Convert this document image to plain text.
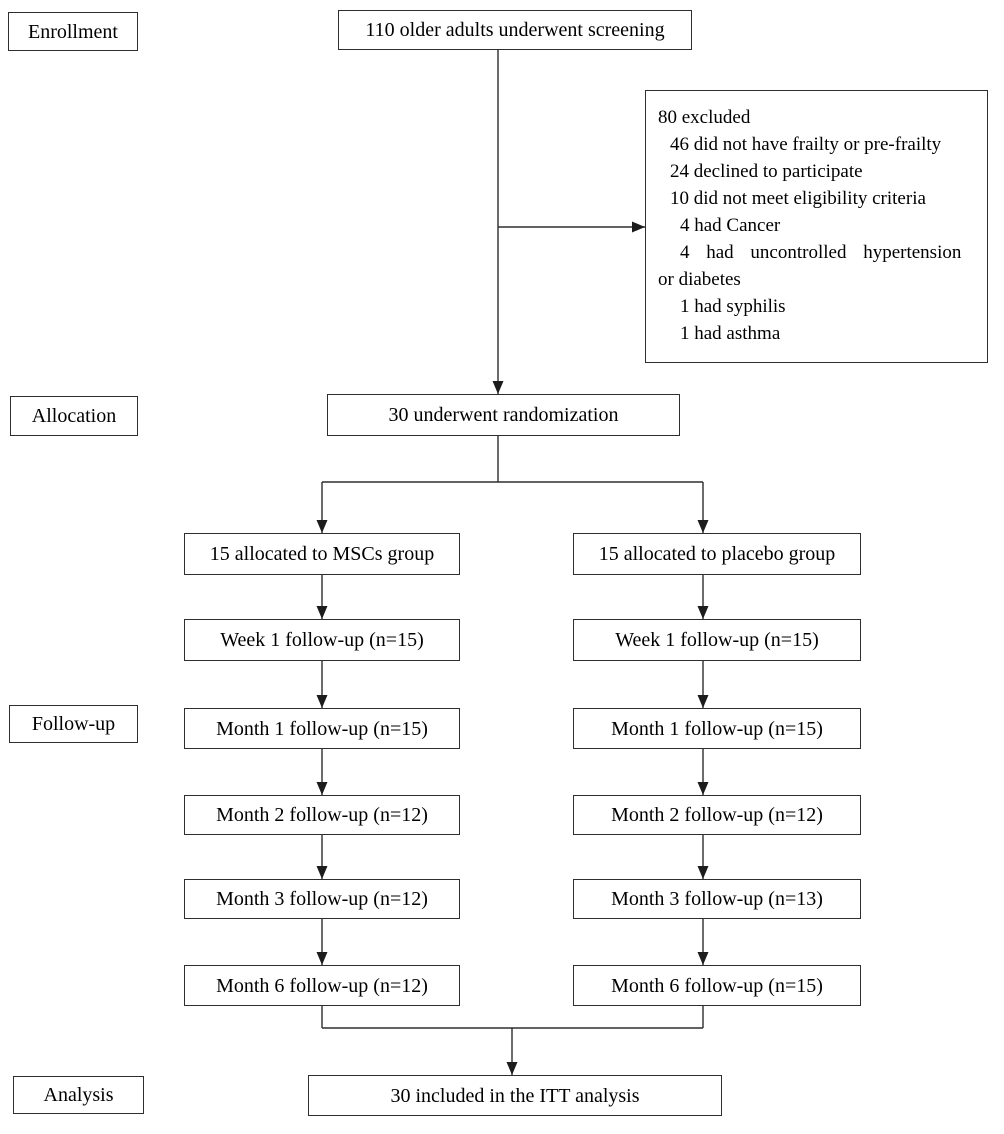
Enrollment
Allocation
Follow-up
Analysis
110 older adults underwent screening
80 excluded
46 did not have frailty or pre-frailty
24 declined to participate
10 did not meet eligibility criteria
4 had Cancer
4 had uncontrolled hypertension
or diabetes
1 had syphilis
1 had asthma
30 underwent randomization
15 allocated to MSCs group	15 allocated to placebo group
Week 1 follow-up (n=15)
Month 1 follow-up (n=15)
Month 2 follow-up (n=12)
Month 3 follow-up (n=12)
Month 6 follow-up (n=12)
Week 1 follow-up (n=15)
Month 1 follow-up (n=15)
Month 2 follow-up (n=12)
Month 3 follow-up (n=13)
Month 6 follow-up (n=15)
30 included in the ITT analysis
